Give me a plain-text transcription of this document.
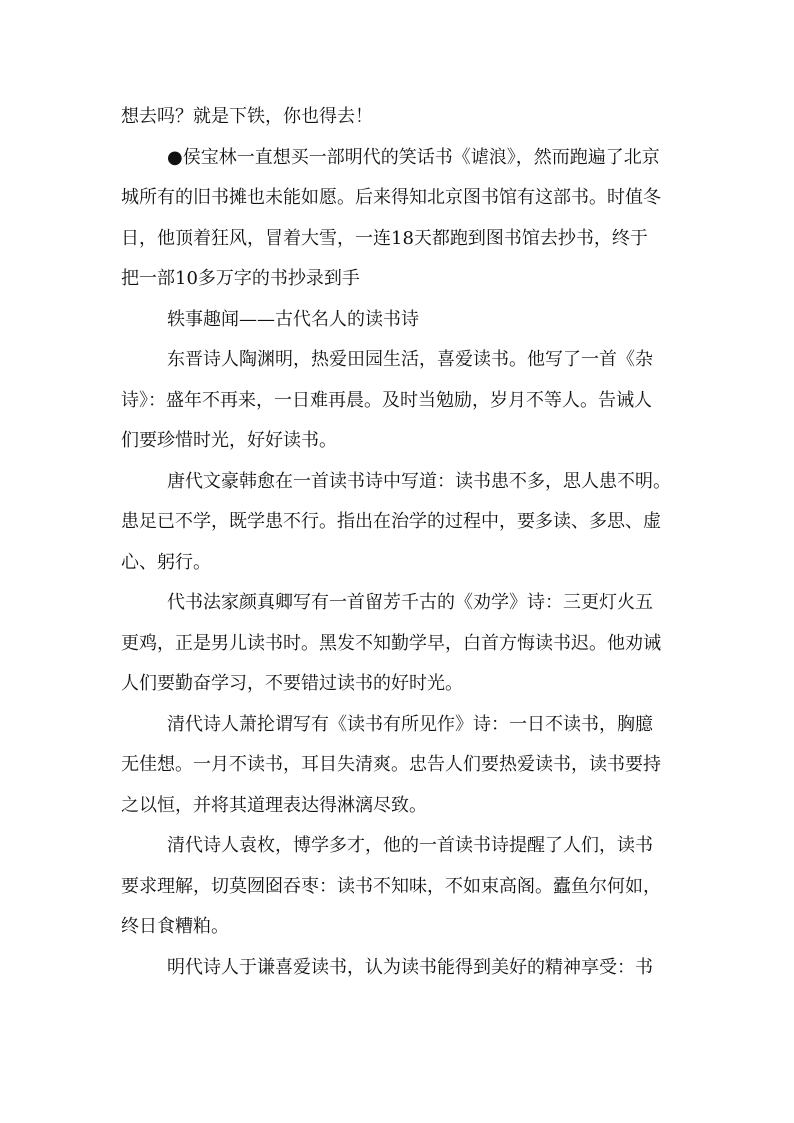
想去吗？就是下铁，你也得去！
●侯宝林一直想买一部明代的笑话书《谑浪》，然而跑遍了北京
城所有的旧书摊也未能如愿。后来得知北京图书馆有这部书。时值冬
日，他顶着狂风，冒着大雪，一连18天都跑到图书馆去抄书，终于
把一部10多万字的书抄录到手
轶事趣闻——古代名人的读书诗
东晋诗人陶渊明，热爱田园生活，喜爱读书。他写了一首《杂
诗》：盛年不再来，一日难再晨。及时当勉励，岁月不等人。告诫人
们要珍惜时光，好好读书。
唐代文豪韩愈在一首读书诗中写道：读书患不多，思人患不明。
患足已不学，既学患不行。指出在治学的过程中，要多读、多思、虚
心、躬行。
代书法家颜真卿写有一首留芳千古的《劝学》诗：三更灯火五
更鸡，正是男儿读书时。黑发不知勤学早，白首方悔读书迟。他劝诫
人们要勤奋学习，不要错过读书的好时光。
清代诗人萧抡谓写有《读书有所见作》诗：一日不读书，胸臆
无佳想。一月不读书，耳目失清爽。忠告人们要热爱读书，读书要持
之以恒，并将其道理表达得淋漓尽致。
清代诗人袁枚，博学多才，他的一首读书诗提醒了人们，读书
要求理解，切莫囫囵吞枣：读书不知味，不如束高阁。蠹鱼尔何如，
终日食糟粕。
明代诗人于谦喜爱读书，认为读书能得到美好的精神享受：书
